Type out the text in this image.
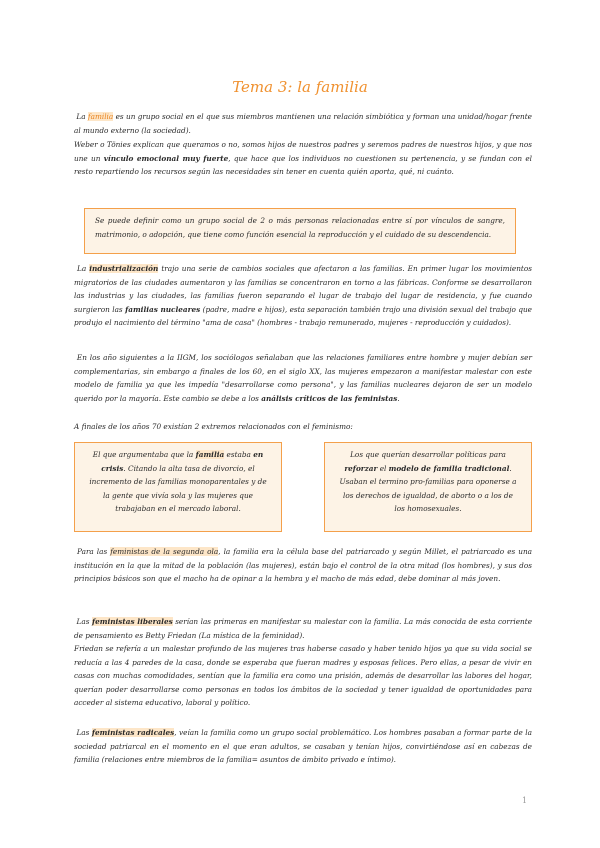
Tema 3: la familia
La familia es un grupo social en el que sus miembros mantienen una relación simbiótica y forman una unidad/hogar frente al mundo externo (la sociedad).
Weber o Tönies explican que queramos o no, somos hijos de nuestros padres y seremos padres de nuestros hijos, y que nos une un vínculo emocional muy fuerte, que hace que los individuos no cuestionen su pertenencia, y se fundan con el resto repartiendo los recursos según las necesidades sin tener en cuenta quién aporta, qué, ni cuánto.
Se puede definir como un grupo social de 2 o más personas relacionadas entre sí por vínculos de sangre, matrimonio, o adopción, que tiene como función esencial la reproducción y el cuidado de su descendencia.
La industrialización trajo una serie de cambios sociales que afectaron a las familias. En primer lugar los movimientos migratorios de las ciudades aumentaron y las familias se concentraron en torno a las fábricas. Conforme se desarrollaron las industrias y las ciudades, las familias fueron separando el lugar de trabajo del lugar de residencia, y fue cuando surgieron las familias nucleares (padre, madre e hijos), esta separación también trajo una división sexual del trabajo que produjo el nacimiento del término "ama de casa" (hombres - trabajo remunerado, mujeres - reproducción y cuidados).
En los año siguientes a la IIGM, los sociólogos señalaban que las relaciones familiares entre hombre y mujer debían ser complementarias, sin embargo a finales de los 60, en el siglo XX, las mujeres empezaron a manifestar malestar con este modelo de familia ya que les impedía "desarrollarse como persona", y las familias nucleares dejaron de ser un modelo querido por la mayoría. Este cambio se debe a los análisis críticos de las feministas.
A finales de los años 70 existían 2 extremos relacionados con el feminismo:
El que argumentaba que la familia estaba en crisis. Citando la alta tasa de divorcio, el incremento de las familias monoparentales y de la gente que vivía sola y las mujeres que trabajaban en el mercado laboral.
Los que querían desarrollar políticas para reforzar el modelo de familia tradicional. Usaban el termino pro-familias para oponerse a los derechos de igualdad, de aborto o a los de los homosexuales.
Para las feministas de la segunda ola, la familia era la célula base del patriarcado y según Millet, el patriarcado es una institución en la que la mitad de la población (las mujeres), están bajo el control de la otra mitad (los hombres), y sus dos principios básicos son que el macho ha de opinar a la hembra y el macho de más edad, debe dominar al más joven.
Las feministas liberales serían las primeras en manifestar su malestar con la familia. La más conocida de esta corriente de pensamiento es Betty Friedan (La mística de la feminidad).
Friedan se refería a un malestar profundo de las mujeres tras haberse casado y haber tenido hijos ya que su vida social se reducía a las 4 paredes de la casa, donde se esperaba que fueran madres y esposas felices. Pero ellas, a pesar de vivir en casas con muchas comodidades, sentían que la familia era como una prisión, además de desarrollar las labores del hogar, querían poder desarrollarse como personas en todos los ámbitos de la sociedad y tener igualdad de oportunidades para acceder al sistema educativo, laboral y político.
Las feministas radicales, veían la familia como un grupo social problemático. Los hombres pasaban a formar parte de la sociedad patriarcal en el momento en el que eran adultos, se casaban y tenían hijos, convirtiéndose así en cabezas de familia (relaciones entre miembros de la familia= asuntos de ámbito privado e íntimo).
1
